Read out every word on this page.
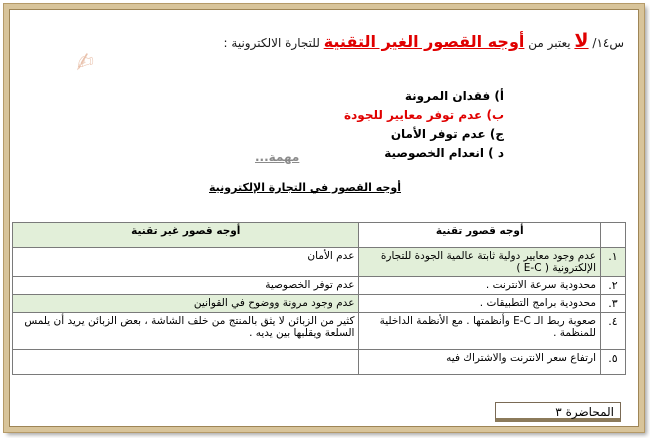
س١٤/ لا يعتبر من أوجه القصور الغير التقنية للتجارة الالكترونية :
✍︎
أ) فقدان المرونة
ب) عدم توفر معايير للجودة
ج) عدم توفر الأمان
د ) انعدام الخصوصية
مهمة...
أوجه القصور في التجارة الإلكترونية
	أوجه قصور تقنية	أوجه قصور غير تقنية
١.	عدم وجود معايير دولية ثابتة عالمية الجودة للتجارة الإلكترونية ( E-C )	عدم الأمان
٢.	محدودية سرعة الانترنت .	عدم توفر الخصوصية
٣.	محدودية برامج التطبيقات .	عدم وجود مرونة ووضوح في القوانين
٤.	صعوبة ربط الـ E-C وأنظمتها . مع الأنظمة الداخلية للمنظمة .	كثير من الزبائن لا يثق بالمنتج من خلف الشاشة ، بعض الزبائن يريد أن يلمس السلعة ويقلبها بين يديه .
٥.	ارتفاع سعر الانترنت والاشتراك فيه	
المحاضرة ٣
